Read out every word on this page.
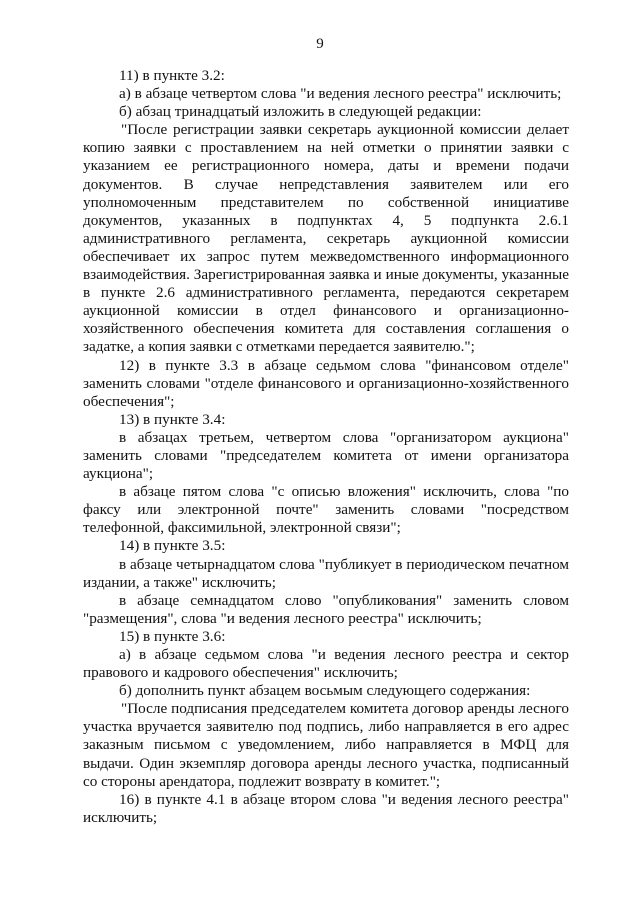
9

11) в пункте 3.2:

а) в абзаце четвертом слова "и ведения лесного реестра" исключить;

б) абзац тринадцатый изложить в следующей редакции:

"После регистрации заявки секретарь аукционной комиссии делает копию заявки с проставлением на ней отметки о принятии заявки с указанием ее регистрационного номера, даты и времени подачи документов. В случае непредставления заявителем или его уполномоченным представителем по собственной инициативе документов, указанных в подпунктах 4, 5 подпункта 2.6.1 административного регламента, секретарь аукционной комиссии обеспечивает их запрос путем межведомственного информационного взаимодействия. Зарегистрированная заявка и иные документы, указанные в пункте 2.6 административного регламента, передаются секретарем аукционной комиссии в отдел финансового и организационно-хозяйственного обеспечения комитета для составления соглашения о задатке, а копия заявки с отметками передается заявителю.";

12) в пункте 3.3 в абзаце седьмом слова "финансовом отделе" заменить словами "отделе финансового и организационно-хозяйственного обеспечения";

13) в пункте 3.4:

в абзацах третьем, четвертом слова "организатором аукциона" заменить словами "председателем комитета от имени организатора аукциона";

в абзаце пятом слова "с описью вложения" исключить, слова "по факсу или электронной почте" заменить словами "посредством телефонной, факсимильной, электронной связи";

14) в пункте 3.5:

в абзаце четырнадцатом слова "публикует в периодическом печатном издании, а также" исключить;

в абзаце семнадцатом слово "опубликования" заменить словом "размещения", слова "и ведения лесного реестра" исключить;

15) в пункте 3.6:

а) в абзаце седьмом слова "и ведения лесного реестра и сектор правового и кадрового обеспечения" исключить;

б) дополнить пункт абзацем восьмым следующего содержания:

"После подписания председателем комитета договор аренды лесного участка вручается заявителю под подпись, либо направляется в его адрес заказным письмом с уведомлением, либо направляется в МФЦ для выдачи. Один экземпляр договора аренды лесного участка, подписанный со стороны арендатора, подлежит возврату в комитет.";

16) в пункте 4.1 в абзаце втором слова "и ведения лесного реестра" исключить;
